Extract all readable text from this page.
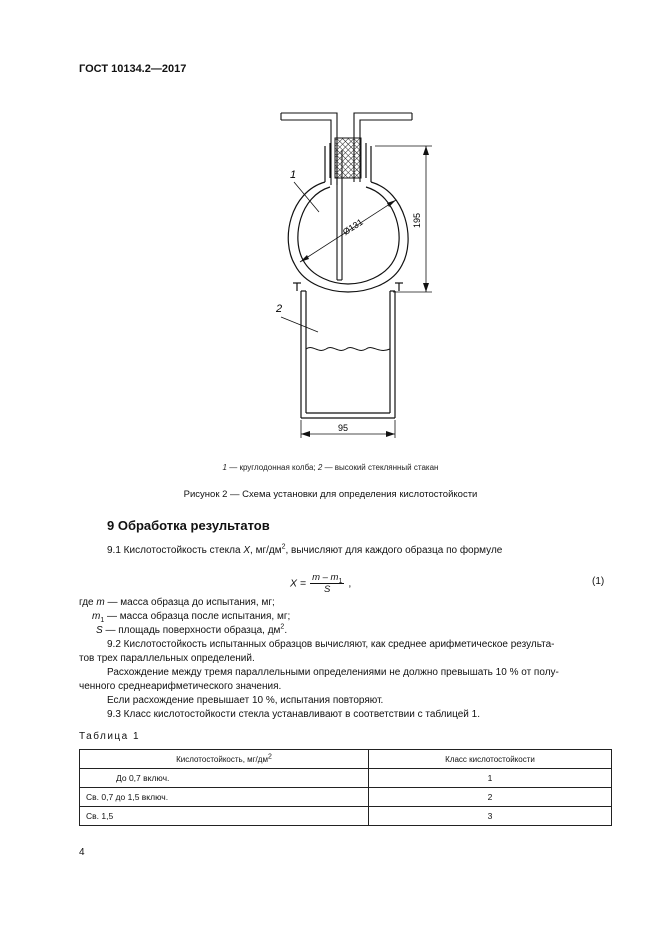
ГОСТ 10134.2—2017
Ø131
1
195
2
95
1 — круглодонная колба; 2 — высокий стеклянный стакан
Рисунок 2 — Схема установки для определения кислотостойкости
9 Обработка результатов
9.1 Кислотостойкость стекла X, $мг/дм^2$, вычисляют для каждого образца по формуле
$X = \frac{m - m_1}{S}$ ,	(1)
где m — масса образца до испытания, мг;
$m_1$ — масса образца после испытания, мг;
S — площадь поверхности образца, $дм^2$.
9.2 Кислотостойкость испытанных образцов вычисляют, как среднее арифметическое результа-
тов трех параллельных определений.
Расхождение между тремя параллельными определениями не должно превышать 10 % от полу-
ченного среднеарифметического значения.
Если расхождение превышает 10 %, испытания повторяют.
9.3 Класс кислотостойкости стекла устанавливают в соответствии с таблицей 1.
Таблица 1
Кислотостойкость, $мг/дм^2$	Класс кислотостойкости
До 0,7 включ.	1
Св. 0,7 до 1,5 включ.	2
Св. 1,5	3
4
